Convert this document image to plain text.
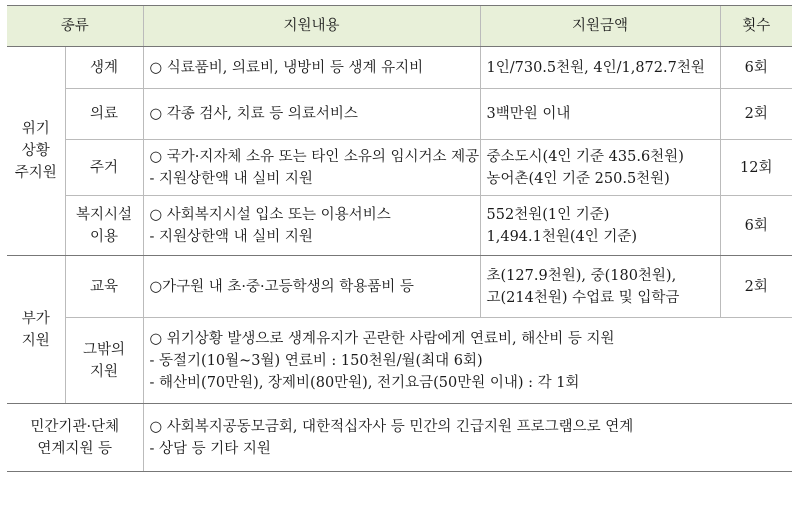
종류		지원내용	지원금액	횟수

위기
상황
주지원	생계	○ 식료품비, 의료비, 냉방비 등 생계 유지비	1인/730.5천원, 4인/1,872.7천원	6회

	의료	○ 각종 검사, 치료 등 의료서비스	3백만원 이내	2회

	주거	○ 국가·지자체 소유 또는 타인 소유의 임시거소 제공
- 지원상한액 내 실비 지원	중소도시(4인 기준 435.6천원)
농어촌(4인 기준 250.5천원)	12회

	복지시설
이용	○ 사회복지시설 입소 또는 이용서비스
- 지원상한액 내 실비 지원	552천원(1인 기준)
1,494.1천원(4인 기준)	6회

부가
지원	교육	○가구원 내 초·중·고등학생의 학용품비 등	초(127.9천원), 중(180천원),
고(214천원) 수업료 및 입학금	2회

	그밖의
지원	○ 위기상황 발생으로 생계유지가 곤란한 사람에게 연료비, 해산비 등 지원
- 동절기(10월~3월) 연료비 : 150천원/월(최대 6회)
- 해산비(70만원), 장제비(80만원), 전기요금(50만원 이내) : 각 1회		

민간기관·단체
연계지원 등		○ 사회복지공동모금회, 대한적십자사 등 민간의 긴급지원 프로그램으로 연계
- 상담 등 기타 지원		
